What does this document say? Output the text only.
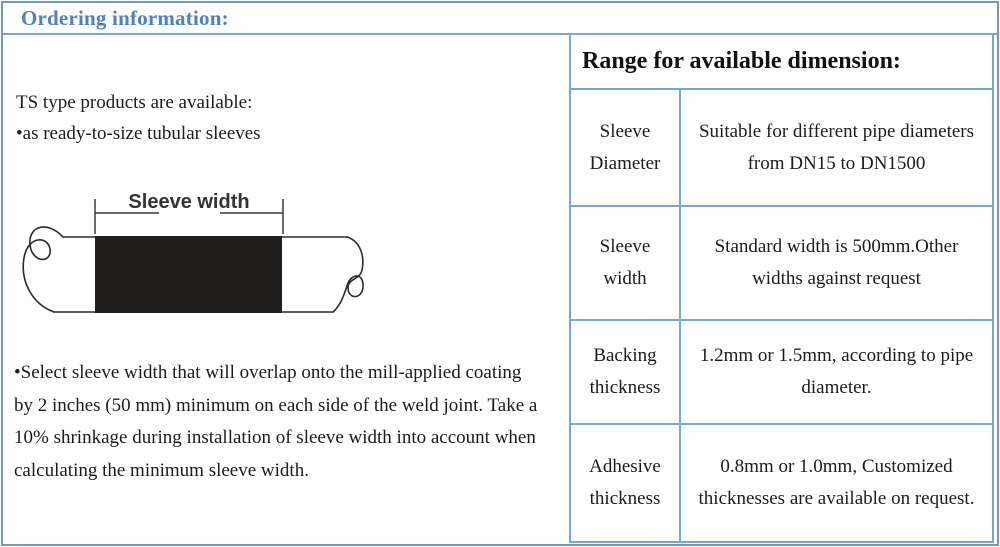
Ordering information:
TS type products are available:
•as ready-to-size tubular sleeves
Sleeve width
•Select sleeve width that will overlap onto the mill-applied coating
by 2 inches (50 mm) minimum on each side of the weld joint. Take a
10% shrinkage during installation of sleeve width into account when
calculating the minimum sleeve width.
Range for available dimension:
Sleeve
Diameter
Suitable for different pipe diameters
from DN15 to DN1500
Sleeve
width
Standard width is 500mm.Other
widths against request
Backing
thickness
1.2mm or 1.5mm, according to pipe
diameter.
Adhesive
thickness
0.8mm or 1.0mm, Customized
thicknesses are available on request.
